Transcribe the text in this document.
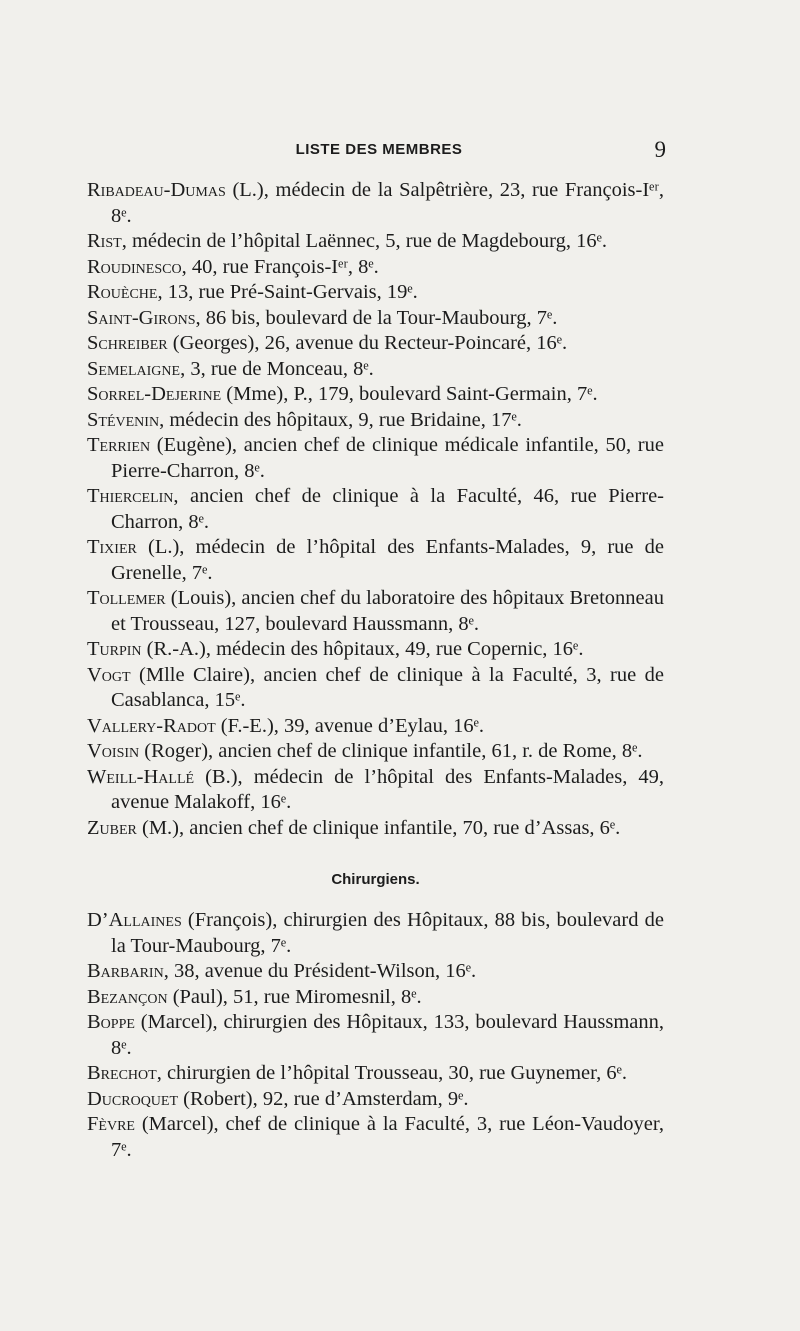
LISTE DES MEMBRES	9
Ribadeau-Dumas (L.), médecin de la Salpêtrière, 23, rue François-Iᵉʳ, 8ᵉ.
Rist, médecin de l’hôpital Laënnec, 5, rue de Magdebourg, 16ᵉ.
Roudinesco, 40, rue François-Iᵉʳ, 8ᵉ.
Rouèche, 13, rue Pré-Saint-Gervais, 19ᵉ.
Saint-Girons, 86 bis, boulevard de la Tour-Maubourg, 7ᵉ.
Schreiber (Georges), 26, avenue du Recteur-Poincaré, 16ᵉ.
Semelaigne, 3, rue de Monceau, 8ᵉ.
Sorrel-Dejerine (Mme), P., 179, boulevard Saint-Germain, 7ᵉ.
Stévenin, médecin des hôpitaux, 9, rue Bridaine, 17ᵉ.
Terrien (Eugène), ancien chef de clinique médicale infantile, 50, rue Pierre-Charron, 8ᵉ.
Thiercelin, ancien chef de clinique à la Faculté, 46, rue Pierre-Charron, 8ᵉ.
Tixier (L.), médecin de l’hôpital des Enfants-Malades, 9, rue de Grenelle, 7ᵉ.
Tollemer (Louis), ancien chef du laboratoire des hôpitaux Bretonneau et Trousseau, 127, boulevard Haussmann, 8ᵉ.
Turpin (R.-A.), médecin des hôpitaux, 49, rue Copernic, 16ᵉ.
Vogt (Mlle Claire), ancien chef de clinique à la Faculté, 3, rue de Casablanca, 15ᵉ.
Vallery-Radot (F.-E.), 39, avenue d’Eylau, 16ᵉ.
Voisin (Roger), ancien chef de clinique infantile, 61, r. de Rome, 8ᵉ.
Weill-Hallé (B.), médecin de l’hôpital des Enfants-Malades, 49, avenue Malakoff, 16ᵉ.
Zuber (M.), ancien chef de clinique infantile, 70, rue d’Assas, 6ᵉ.
Chirurgiens.
D’Allaines (François), chirurgien des Hôpitaux, 88 bis, boulevard de la Tour-Maubourg, 7ᵉ.
Barbarin, 38, avenue du Président-Wilson, 16ᵉ.
Bezançon (Paul), 51, rue Miromesnil, 8ᵉ.
Boppe (Marcel), chirurgien des Hôpitaux, 133, boulevard Haussmann, 8ᵉ.
Brechot, chirurgien de l’hôpital Trousseau, 30, rue Guynemer, 6ᵉ.
Ducroquet (Robert), 92, rue d’Amsterdam, 9ᵉ.
Fèvre (Marcel), chef de clinique à la Faculté, 3, rue Léon-Vaudoyer, 7ᵉ.
